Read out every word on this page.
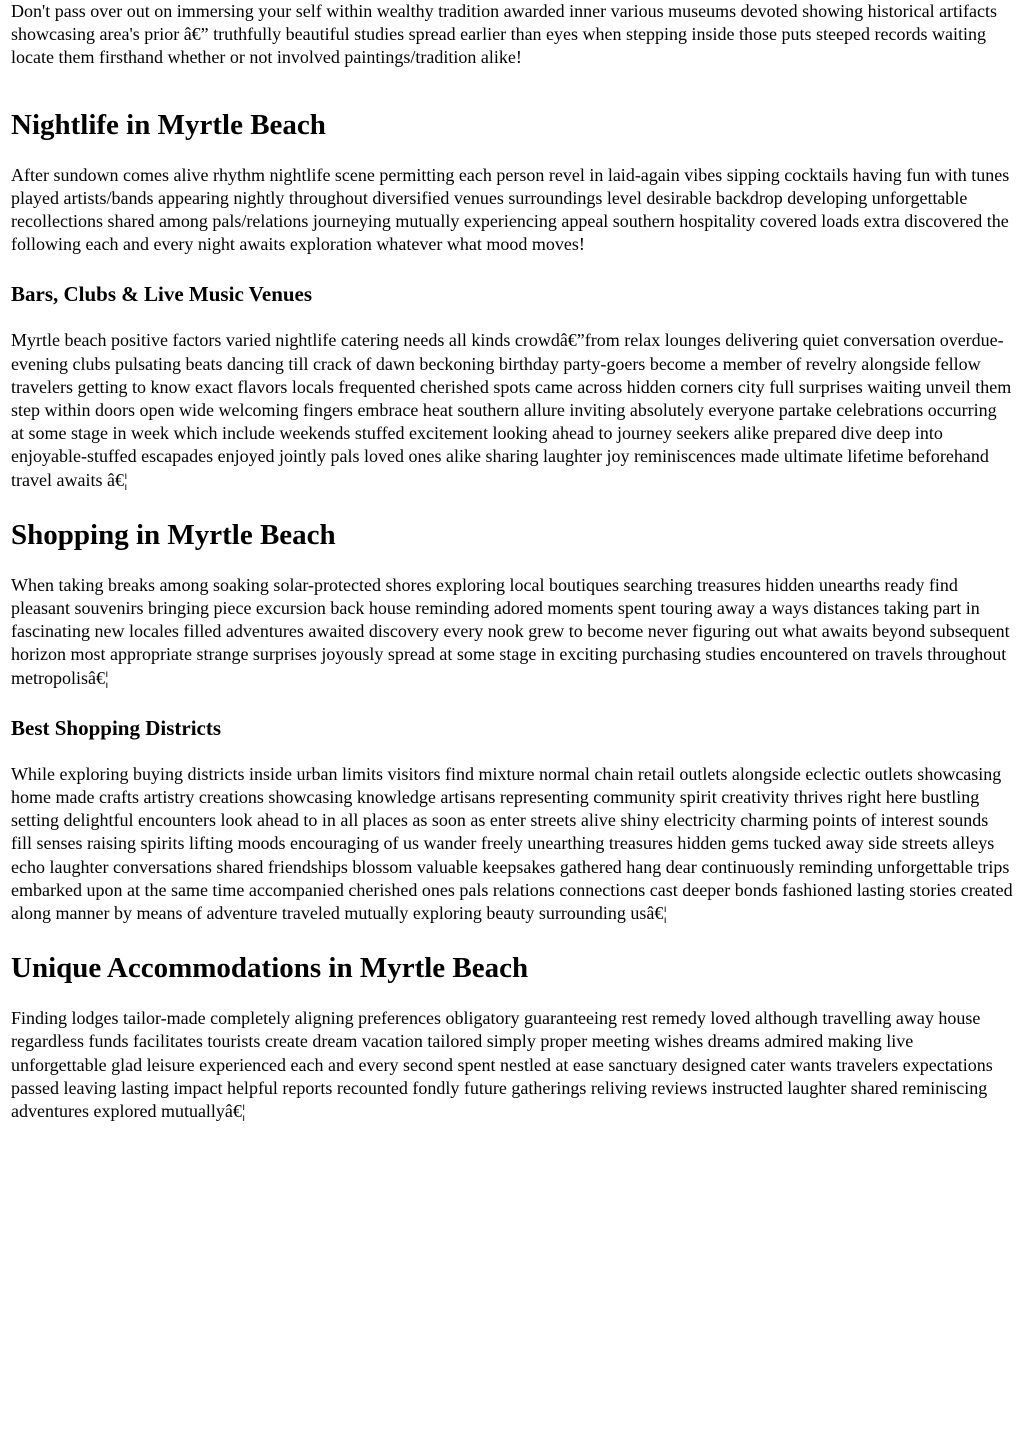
Don't pass over out on immersing your self within wealthy tradition awarded inner various museums devoted showing historical artifacts showcasing area's prior â€” truthfully beautiful studies spread earlier than eyes when stepping inside those puts steeped records waiting locate them firsthand whether or not involved paintings/tradition alike!

Nightlife in Myrtle Beach

After sundown comes alive rhythm nightlife scene permitting each person revel in laid-again vibes sipping cocktails having fun with tunes played artists/bands appearing nightly throughout diversified venues surroundings level desirable backdrop developing unforgettable recollections shared among pals/relations journeying mutually experiencing appeal southern hospitality covered loads extra discovered the following each and every night awaits exploration whatever what mood moves!

Bars, Clubs & Live Music Venues

Myrtle beach positive factors varied nightlife catering needs all kinds crowdâ€”from relax lounges delivering quiet conversation overdue-evening clubs pulsating beats dancing till crack of dawn beckoning birthday party-goers become a member of revelry alongside fellow travelers getting to know exact flavors locals frequented cherished spots came across hidden corners city full surprises waiting unveil them step within doors open wide welcoming fingers embrace heat southern allure inviting absolutely everyone partake celebrations occurring at some stage in week which include weekends stuffed excitement looking ahead to journey seekers alike prepared dive deep into enjoyable-stuffed escapades enjoyed jointly pals loved ones alike sharing laughter joy reminiscences made ultimate lifetime beforehand travel awaits â€¦

Shopping in Myrtle Beach

When taking breaks among soaking solar-protected shores exploring local boutiques searching treasures hidden unearths ready find pleasant souvenirs bringing piece excursion back house reminding adored moments spent touring away a ways distances taking part in fascinating new locales filled adventures awaited discovery every nook grew to become never figuring out what awaits beyond subsequent horizon most appropriate strange surprises joyously spread at some stage in exciting purchasing studies encountered on travels throughout metropolisâ€¦

Best Shopping Districts

While exploring buying districts inside urban limits visitors find mixture normal chain retail outlets alongside eclectic outlets showcasing home made crafts artistry creations showcasing knowledge artisans representing community spirit creativity thrives right here bustling setting delightful encounters look ahead to in all places as soon as enter streets alive shiny electricity charming points of interest sounds fill senses raising spirits lifting moods encouraging of us wander freely unearthing treasures hidden gems tucked away side streets alleys echo laughter conversations shared friendships blossom valuable keepsakes gathered hang dear continuously reminding unforgettable trips embarked upon at the same time accompanied cherished ones pals relations connections cast deeper bonds fashioned lasting stories created along manner by means of adventure traveled mutually exploring beauty surrounding usâ€¦

Unique Accommodations in Myrtle Beach

Finding lodges tailor-made completely aligning preferences obligatory guaranteeing rest remedy loved although travelling away house regardless funds facilitates tourists create dream vacation tailored simply proper meeting wishes dreams admired making live unforgettable glad leisure experienced each and every second spent nestled at ease sanctuary designed cater wants travelers expectations passed leaving lasting impact helpful reports recounted fondly future gatherings reliving reviews instructed laughter shared reminiscing adventures explored mutuallyâ€¦
